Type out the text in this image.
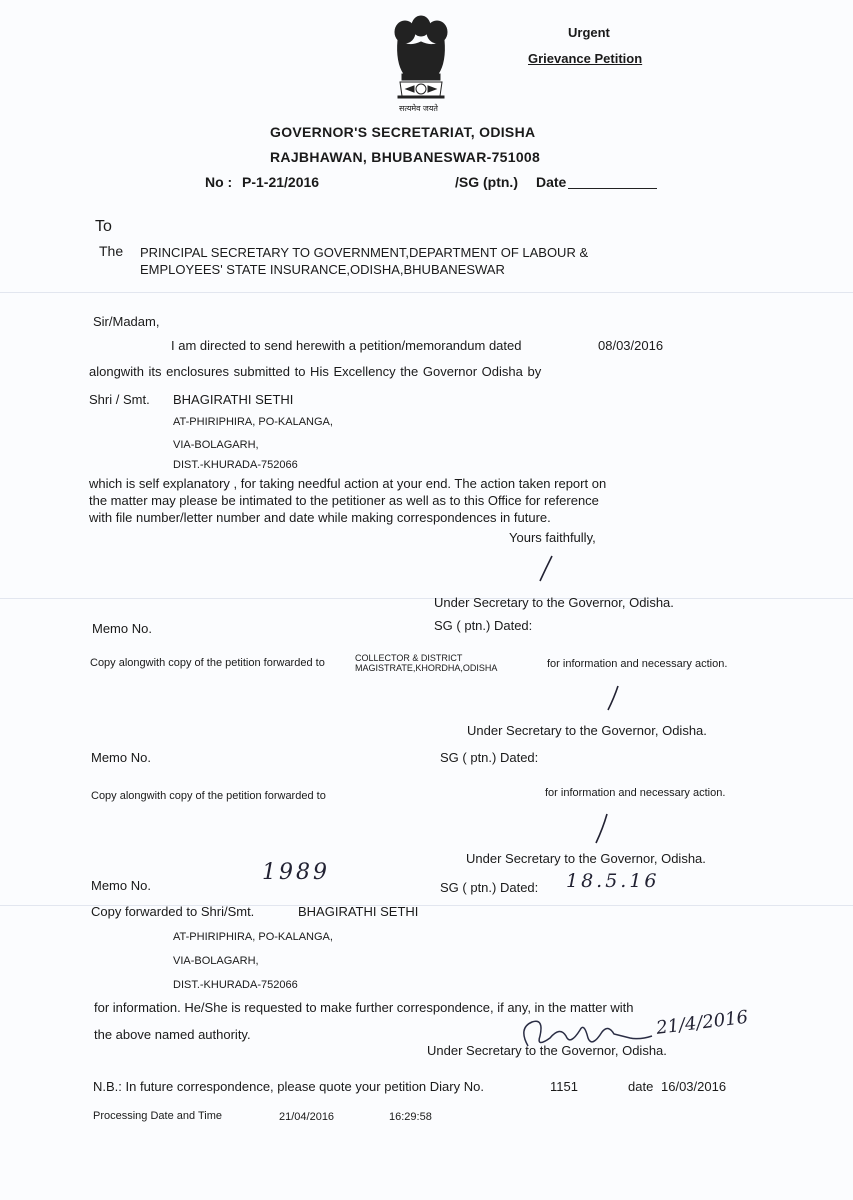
सत्यमेव जयते
Urgent
Grievance Petition
GOVERNOR'S SECRETARIAT, ODISHA
RAJBHAWAN, BHUBANESWAR-751008
No : P-1-21/2016	/SG (ptn.) Date
To
The PRINCIPAL SECRETARY TO GOVERNMENT,DEPARTMENT OF LABOUR &
EMPLOYEES' STATE INSURANCE,ODISHA,BHUBANESWAR
Sir/Madam,
I am directed to send herewith a petition/memorandum dated	08/03/2016
alongwith its enclosures submitted to His Excellency the Governor Odisha by
Shri / Smt. BHAGIRATHI SETHI
AT-PHIRIPHIRA, PO-KALANGA,
VIA-BOLAGARH,
DIST.-KHURADA-752066
which is self explanatory , for taking needful action at your end. The action taken report on
the matter may please be intimated to the petitioner as well as to this Office for reference
with file number/letter number and date while making correspondences in future.
Yours faithfully,
Under Secretary to the Governor, Odisha.
Memo No.	SG ( ptn.) Dated:
Copy alongwith copy of the petition forwarded to	COLLECTOR & DISTRICT
MAGISTRATE,KHORDHA,ODISHA	for information and necessary action.
Under Secretary to the Governor, Odisha.
Memo No.	SG ( ptn.) Dated:
Copy alongwith copy of the petition forwarded to	for information and necessary action.
Under Secretary to the Governor, Odisha.
Memo No.
1989
SG ( ptn.) Dated: 18.5.16
Copy forwarded to Shri/Smt.	BHAGIRATHI SETHI
AT-PHIRIPHIRA, PO-KALANGA,
VIA-BOLAGARH,
DIST.-KHURADA-752066
for information. He/She is requested to make further correspondence, if any, in the matter with
the above named authority.	21/4/2016
Under Secretary to the Governor, Odisha.
N.B.: In future correspondence, please quote your petition Diary No.	1151	date 16/03/2016
Processing Date and Time	21/04/2016	16:29:58
